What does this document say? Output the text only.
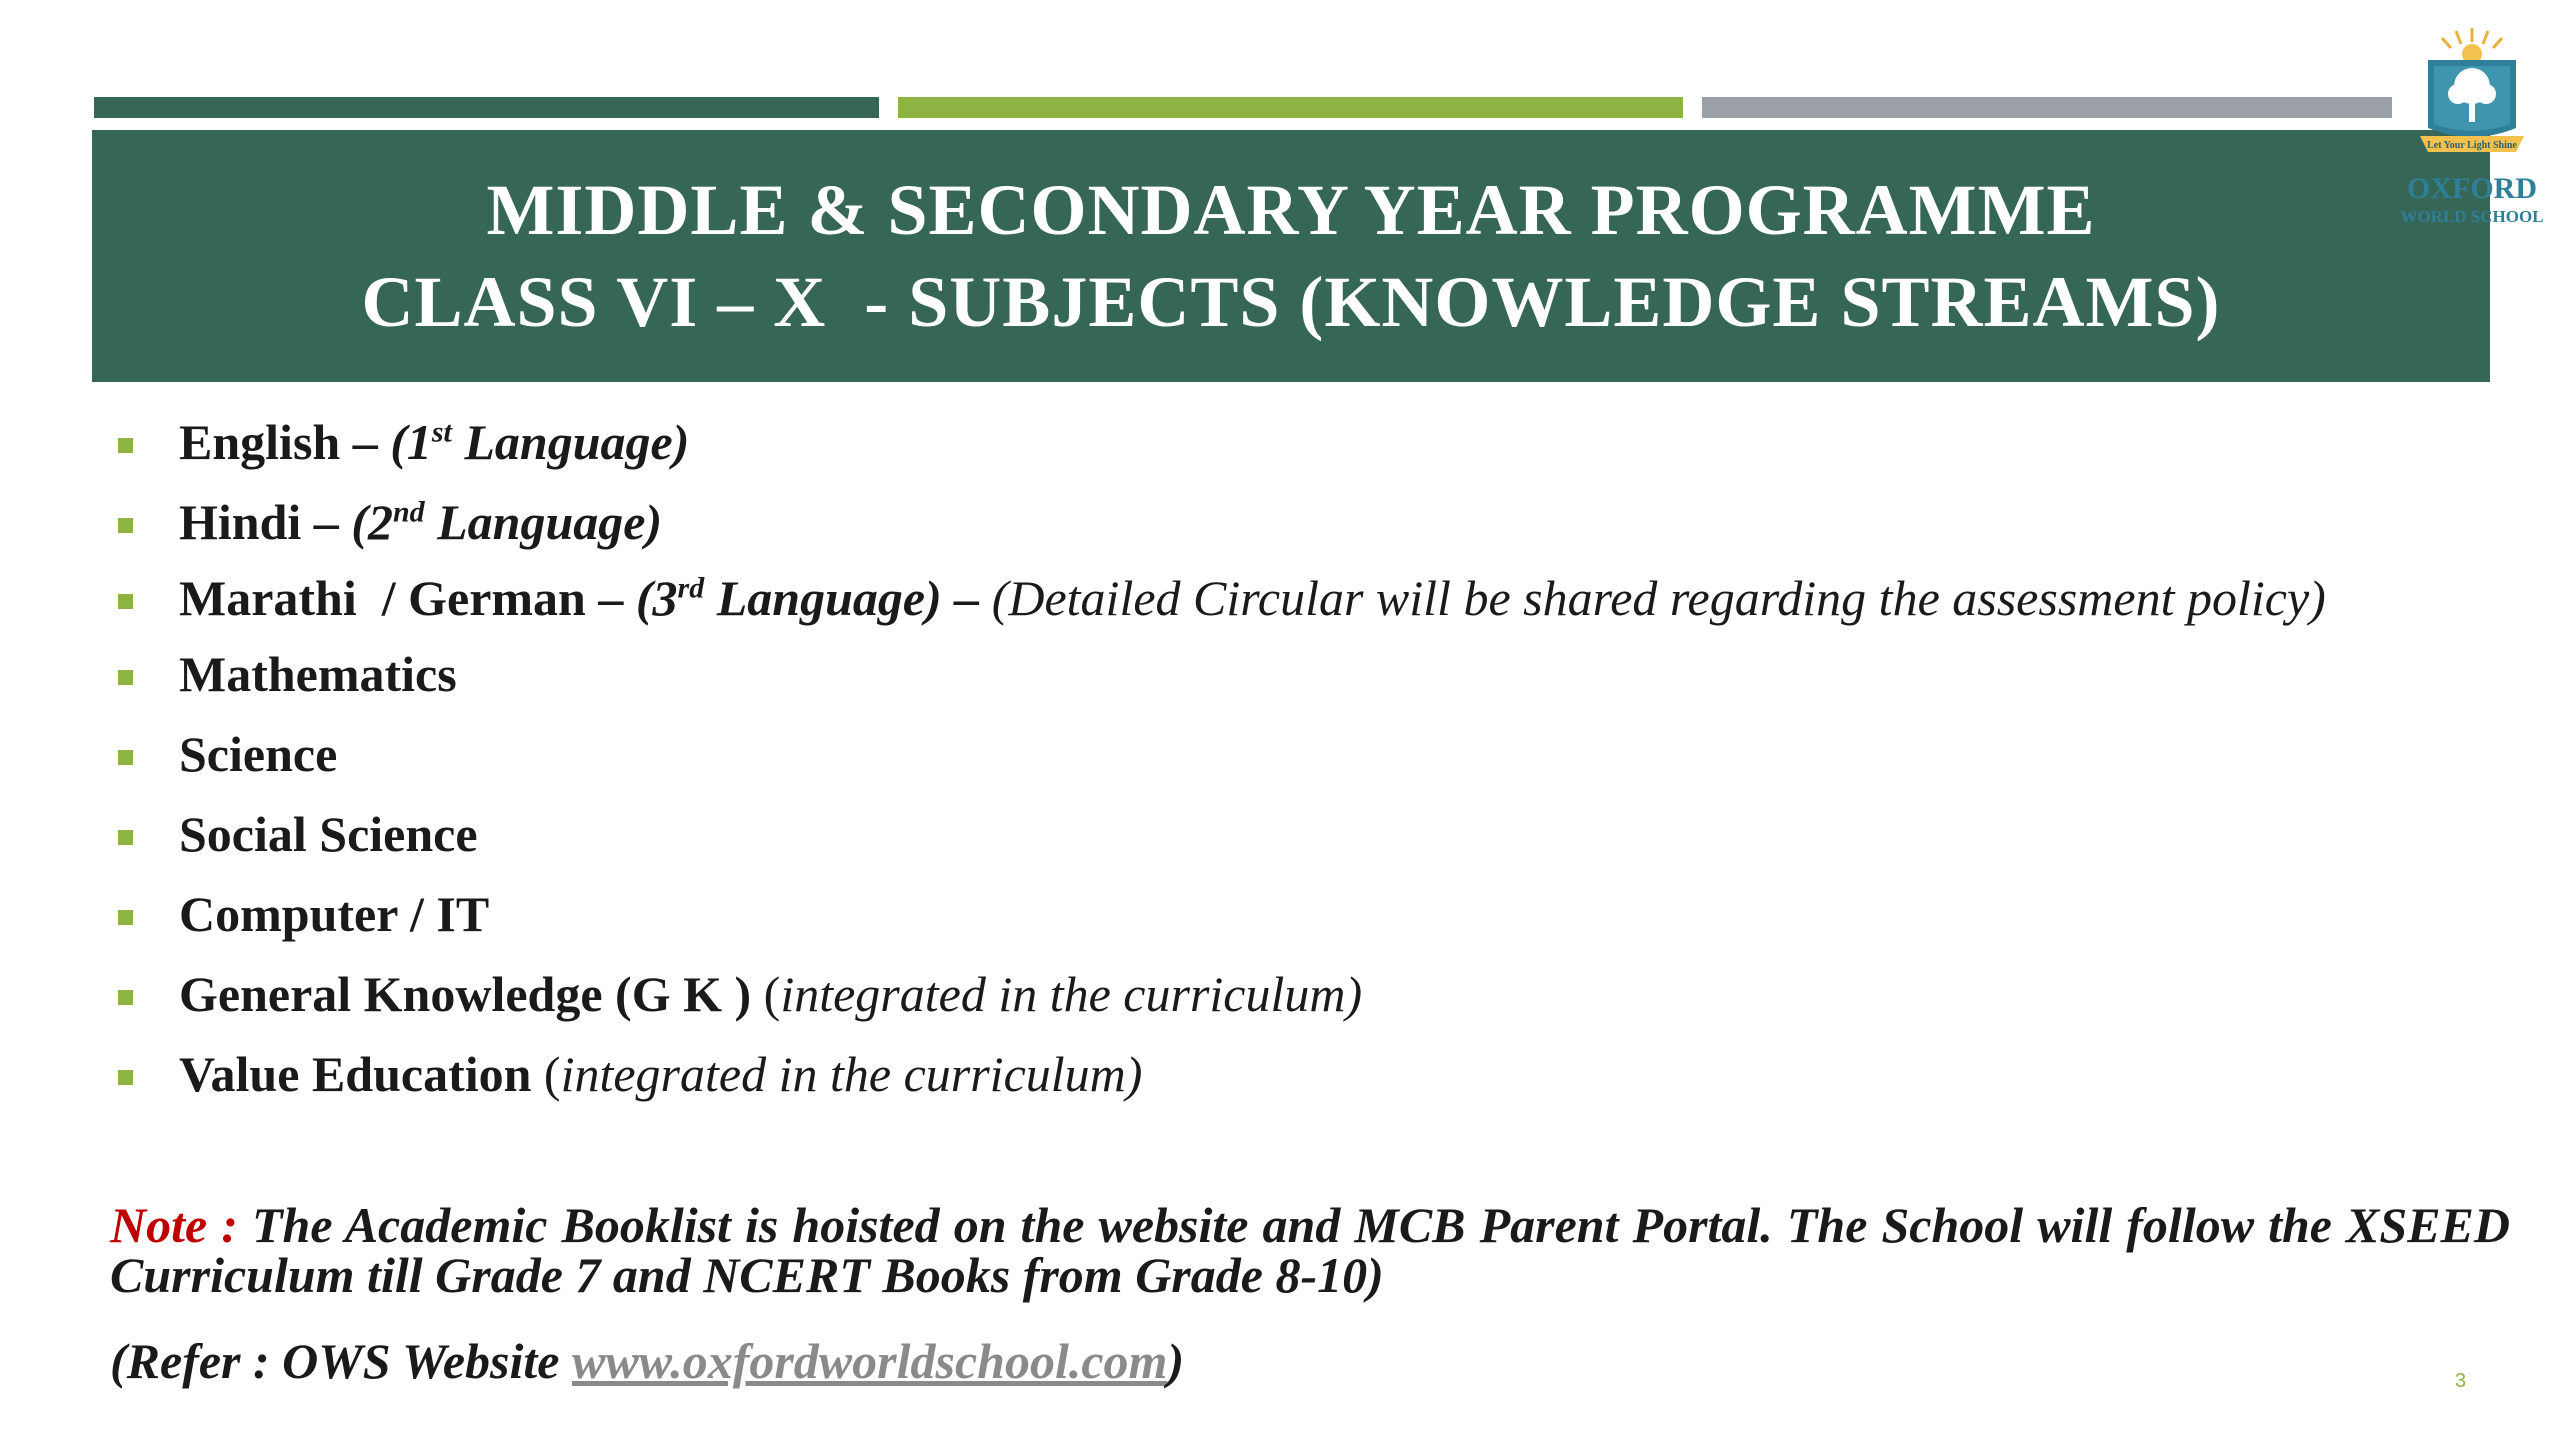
MIDDLE & SECONDARY YEAR PROGRAMME
CLASS VI – X  - SUBJECTS (KNOWLEDGE STREAMS)
Let Your Light Shine
OXFORD
WORLD SCHOOL
English – (1st Language)
Hindi – (2nd Language)
Marathi  / German – (3rd Language) – (Detailed Circular will be shared regarding the assessment policy)
Mathematics
Science
Social Science
Computer / IT
General Knowledge (G K ) (integrated in the curriculum)
Value Education (integrated in the curriculum)
Note : The Academic Booklist is hoisted on the website and MCB Parent Portal. The School will follow the XSEED Curriculum till Grade 7 and NCERT Books from Grade 8-10)
(Refer : OWS Website www.oxfordworldschool.com)	3
